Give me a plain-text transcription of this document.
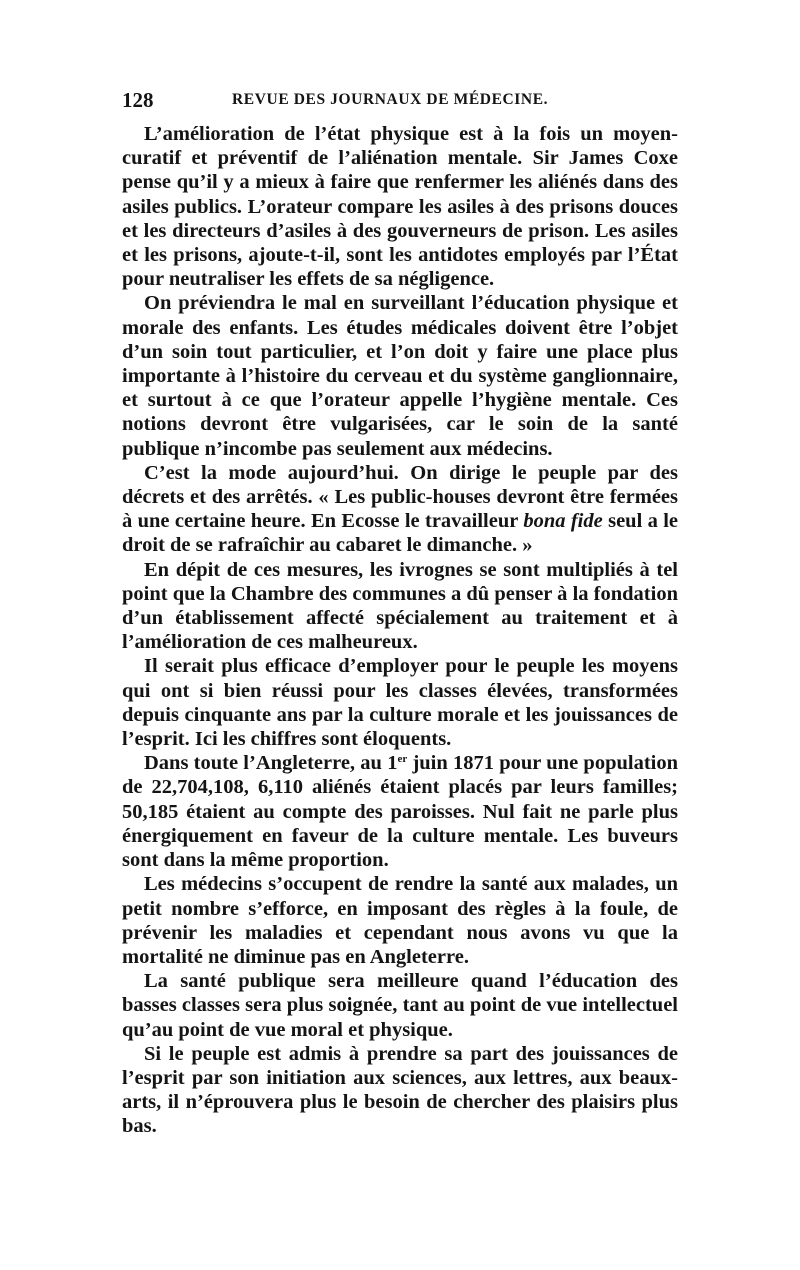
128	REVUE DES JOURNAUX DE MÉDECINE.

L’amélioration de l’état physique est à la fois un moyen-curatif et préventif de l’aliénation mentale. Sir James Coxe pense qu’il y a mieux à faire que renfermer les aliénés dans des asiles publics. L’orateur compare les asiles à des prisons douces et les directeurs d’asiles à des gouverneurs de prison. Les asiles et les prisons, ajoute-t-il, sont les antidotes employés par l’État pour neutraliser les effets de sa négligence.

On préviendra le mal en surveillant l’éducation physique et morale des enfants. Les études médicales doivent être l’objet d’un soin tout particulier, et l’on doit y faire une place plus importante à l’histoire du cerveau et du système ganglionnaire, et surtout à ce que l’orateur appelle l’hygiène mentale. Ces notions devront être vulgarisées, car le soin de la santé publique n’incombe pas seulement aux médecins.

C’est la mode aujourd’hui. On dirige le peuple par des décrets et des arrêtés. « Les public-houses devront être fermées à une certaine heure. En Ecosse le travailleur bona fide seul a le droit de se rafraîchir au cabaret le dimanche. »

En dépit de ces mesures, les ivrognes se sont multipliés à tel point que la Chambre des communes a dû penser à la fondation d’un établissement affecté spécialement au traitement et à l’amélioration de ces malheureux.

Il serait plus efficace d’employer pour le peuple les moyens qui ont si bien réussi pour les classes élevées, transformées depuis cinquante ans par la culture morale et les jouissances de l’esprit. Ici les chiffres sont éloquents.

Dans toute l’Angleterre, au 1er juin 1871 pour une population de 22,704,108, 6,110 aliénés étaient placés par leurs familles; 50,185 étaient au compte des paroisses. Nul fait ne parle plus énergiquement en faveur de la culture mentale. Les buveurs sont dans la même proportion.

Les médecins s’occupent de rendre la santé aux malades, un petit nombre s’efforce, en imposant des règles à la foule, de prévenir les maladies et cependant nous avons vu que la mortalité ne diminue pas en Angleterre.

La santé publique sera meilleure quand l’éducation des basses classes sera plus soignée, tant au point de vue intellectuel qu’au point de vue moral et physique.

Si le peuple est admis à prendre sa part des jouissances de l’esprit par son initiation aux sciences, aux lettres, aux beaux-arts, il n’éprouvera plus le besoin de chercher des plaisirs plus bas.
